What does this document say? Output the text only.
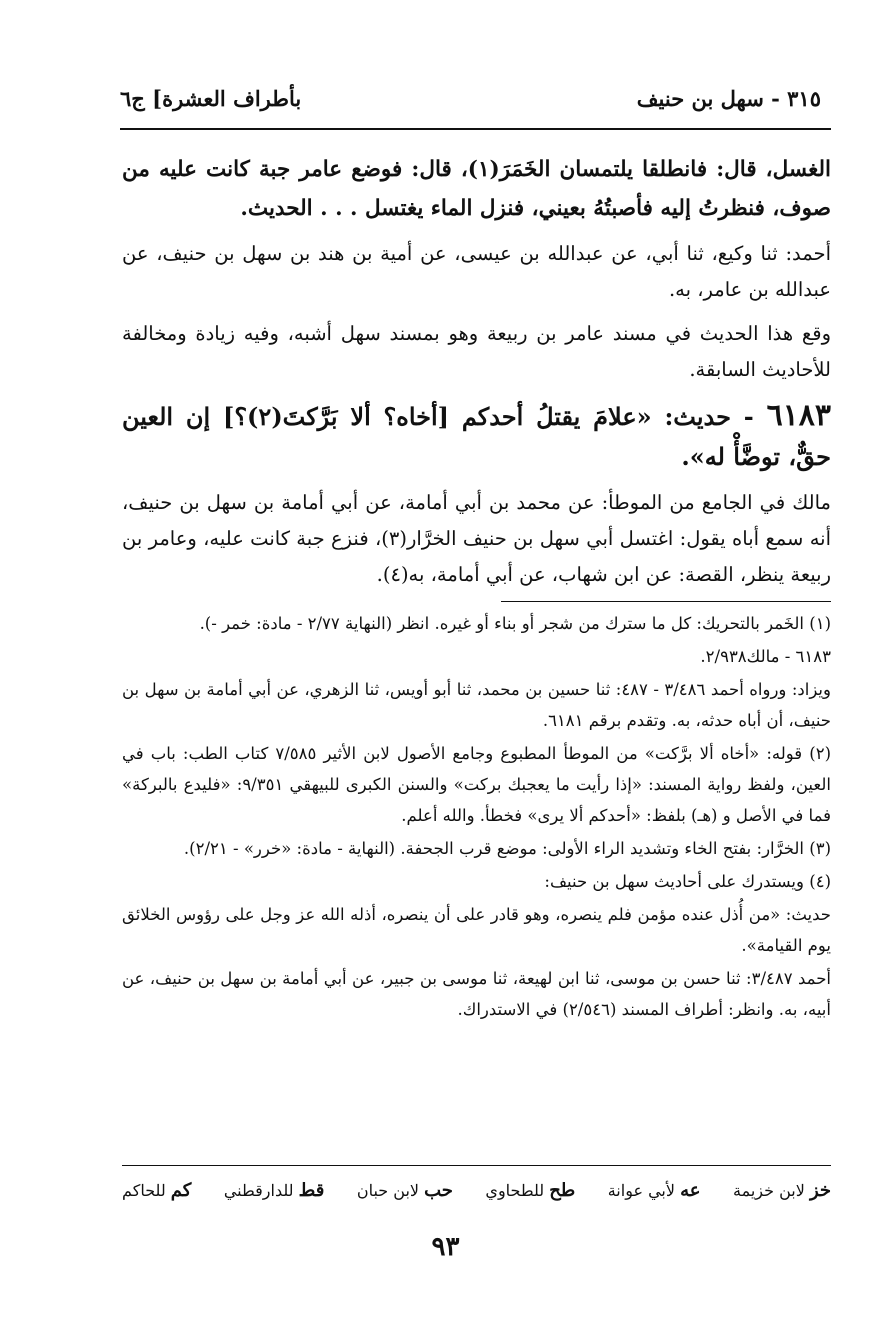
بأطراف العشرة] ج٦	٣١٥ - سهل بن حنيف

الغسل، قال: فانطلقا يلتمسان الخَمَرَ(١)، قال: فوضع عامر جبة كانت عليه من صوف، فنظرتُ إليه فأصبتُهُ بعيني، فنزل الماء يغتسل . . . الحديث.

أحمد: ثنا وكيع، ثنا أبي، عن عبدالله بن عيسى، عن أمية بن هند بن سهل بن حنيف، عن عبدالله بن عامر، به.

وقع هذا الحديث في مسند عامر بن ربيعة وهو بمسند سهل أشبه، وفيه زيادة ومخالفة للأحاديث السابقة.

٦١٨٣ - حديث: «علامَ يقتلُ أحدكم [أخاه؟ ألا بَرَّكتَ(٢)؟] إن العين حقٌّ، توضَّأْ له».

مالك في الجامع من الموطأ: عن محمد بن أبي أمامة، عن أبي أمامة بن سهل بن حنيف، أنه سمع أباه يقول: اغتسل أبي سهل بن حنيف الخرَّار(٣)، فنزع جبة كانت عليه، وعامر بن ربيعة ينظر، القصة: عن ابن شهاب، عن أبي أمامة، به(٤).

(١) الخَمر بالتحريك: كل ما سترك من شجر أو بناء أو غيره. انظر (النهاية ٢/٧٧ - مادة: خمر -).

٦١٨٣ - مالك٢/٩٣٨.

ويزاد: ورواه أحمد ٣/٤٨٦ - ٤٨٧: ثنا حسين بن محمد، ثنا أبو أويس، ثنا الزهري، عن أبي أمامة بن سهل بن حنيف، أن أباه حدثه، به. وتقدم برقم ٦١٨١.

(٢) قوله: «أخاه ألا برَّكت» من الموطأ المطبوع وجامع الأصول لابن الأثير ٧/٥٨٥ كتاب الطب: باب في العين، ولفظ رواية المسند: «إذا رأيت ما يعجبك بركت» والسنن الكبرى للبيهقي ٩/٣٥١: «فليدع بالبركة» فما في الأصل و (هـ) بلفظ: «أحدكم ألا يرى» فخطأ. والله أعلم.

(٣) الخرَّار: بفتح الخاء وتشديد الراء الأولى: موضع قرب الجحفة. (النهاية - مادة: «خرر» - ٢/٢١).

(٤) ويستدرك على أحاديث سهل بن حنيف:

حديث: «من أُذل عنده مؤمن فلم ينصره، وهو قادر على أن ينصره، أذله الله عز وجل على رؤوس الخلائق يوم القيامة».

أحمد ٣/٤٨٧: ثنا حسن بن موسى، ثنا ابن لهيعة، ثنا موسى بن جبير، عن أبي أمامة بن سهل بن حنيف، عن أبيه، به. وانظر: أطراف المسند (٢/٥٤٦) في الاستدراك.

خز لابن خزيمة
عه لأبي عوانة
طح للطحاوي
حب لابن حبان
قط للدارقطني
كم للحاكم
٩٣
